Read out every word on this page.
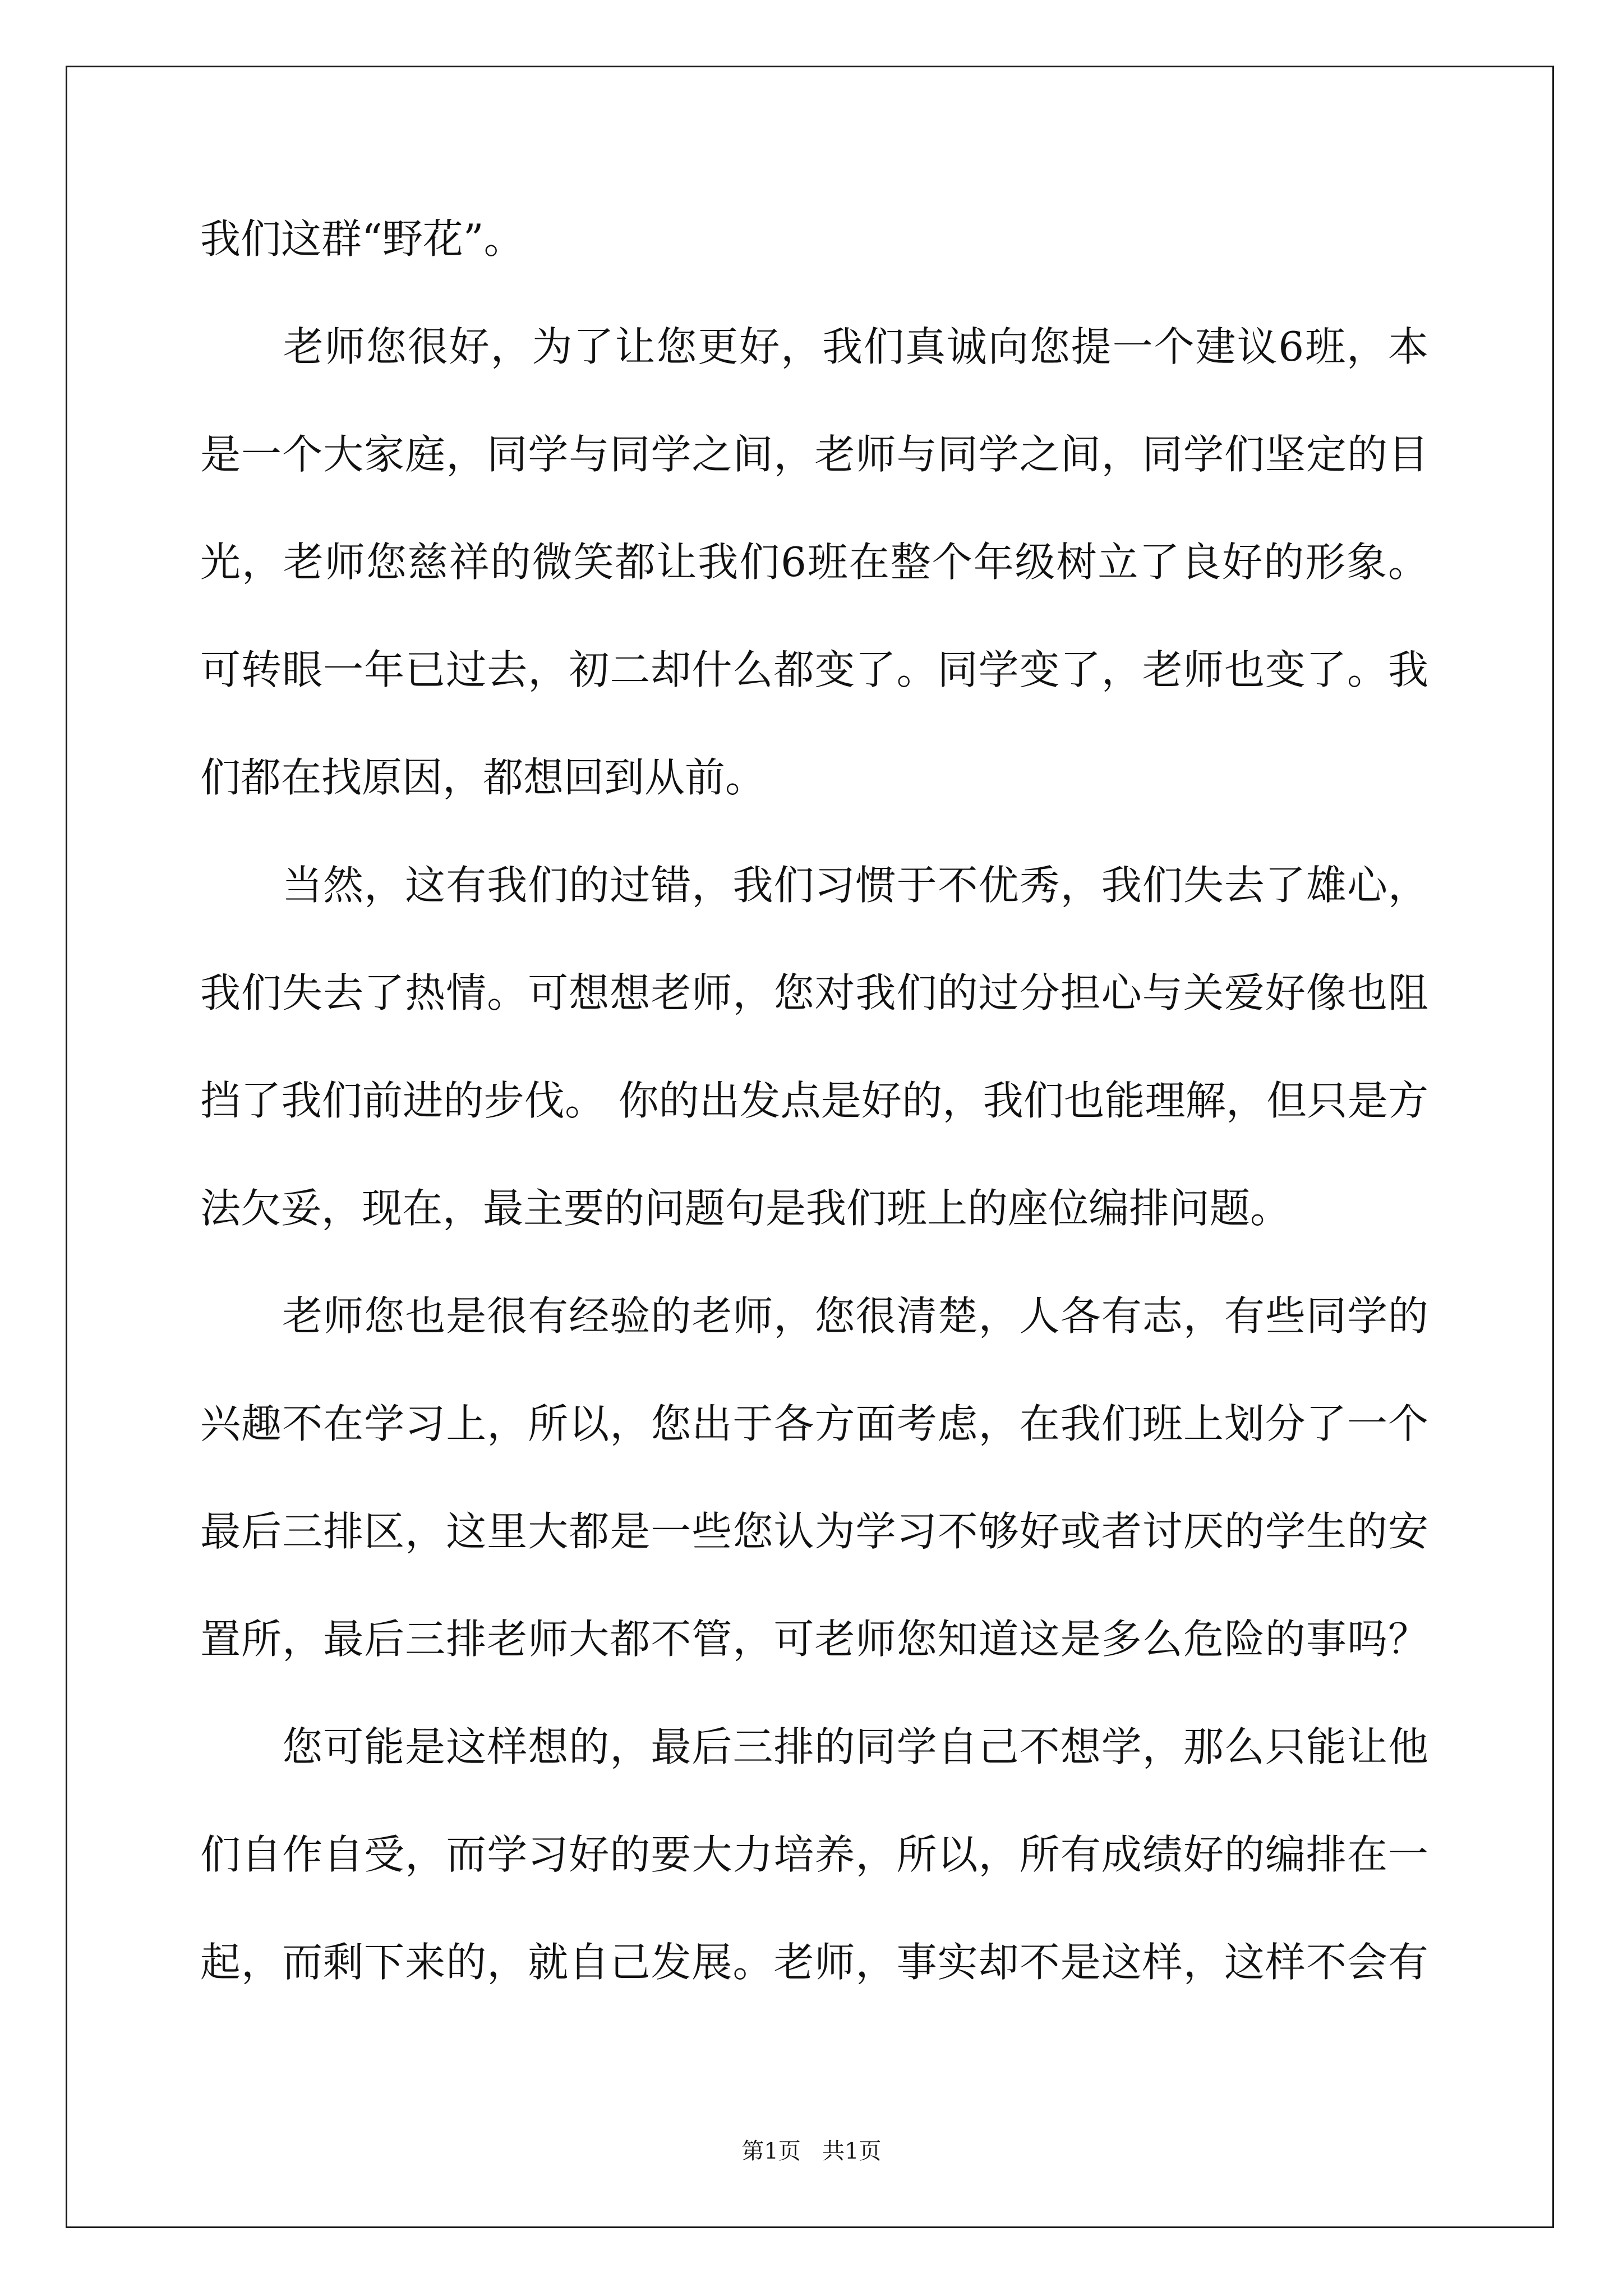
我们这群“野花”。
　　老师您很好，为了让您更好，我们真诚向您提一个建议6班，本
是一个大家庭，同学与同学之间，老师与同学之间，同学们坚定的目
光，老师您慈祥的微笑都让我们6班在整个年级树立了良好的形象。
可转眼一年已过去，初二却什么都变了。同学变了，老师也变了。我
们都在找原因，都想回到从前。
　　当然，这有我们的过错，我们习惯于不优秀，我们失去了雄心，
我们失去了热情。可想想老师，您对我们的过分担心与关爱好像也阻
挡了我们前进的步伐。 你的出发点是好的，我们也能理解，但只是方
法欠妥，现在，最主要的问题句是我们班上的座位编排问题。
　　老师您也是很有经验的老师，您很清楚，人各有志，有些同学的
兴趣不在学习上，所以，您出于各方面考虑，在我们班上划分了一个
最后三排区，这里大都是一些您认为学习不够好或者讨厌的学生的安
置所，最后三排老师大都不管，可老师您知道这是多么危险的事吗？
　　您可能是这样想的，最后三排的同学自己不想学，那么只能让他
们自作自受，而学习好的要大力培养，所以，所有成绩好的编排在一
起，而剩下来的，就自己发展。老师，事实却不是这样，这样不会有
第1页 共1页
